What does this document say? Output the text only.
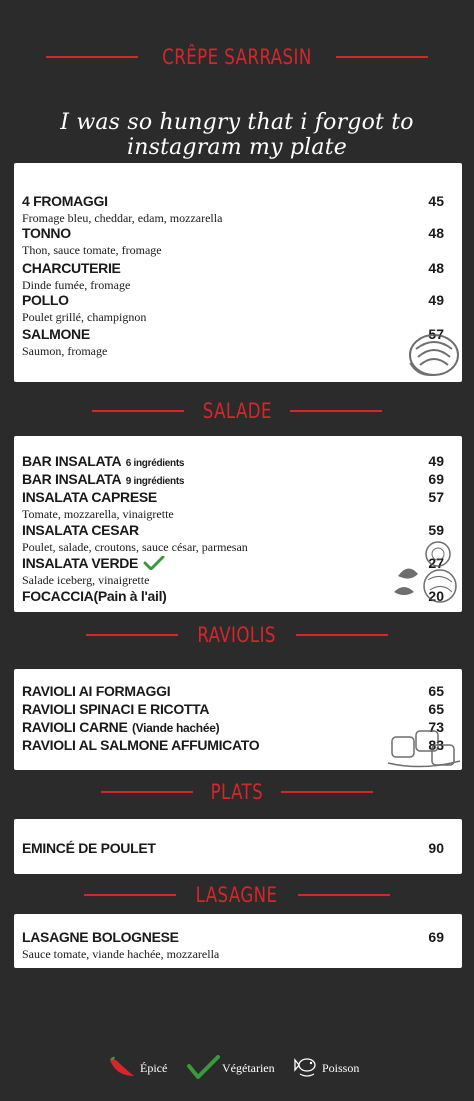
CRÊPE SARRASIN
I was so hungry that i forgot to instagram my plate
4 FROMAGGI	45
Fromage bleu, cheddar, edam, mozzarella
TONNO	48
Thon, sauce tomate, fromage
CHARCUTERIE	48
Dinde fumée, fromage
POLLO	49
Poulet grillé, champignon
SALMONE	57
Saumon, fromage
SALADE
BAR INSALATA 6 ingrédients	49
BAR INSALATA 9 ingrédients	69
INSALATA CAPRESE	57
Tomate, mozzarella, vinaigrette
INSALATA CESAR	59
Poulet, salade, croutons, sauce césar, parmesan
INSALATA VERDE	27
Salade iceberg, vinaigrette
FOCACCIA(Pain à l'ail)	20
RAVIOLIS
RAVIOLI AI FORMAGGI	65
RAVIOLI SPINACI E RICOTTA	65
RAVIOLI CARNE (Viande hachée)	73
RAVIOLI AL SALMONE AFFUMICATO	83
PLATS
EMINCÉ DE POULET	90
LASAGNE
LASAGNE BOLOGNESE	69
Sauce tomate, viande hachée, mozzarella
Épicé	Végétarien	Poisson
